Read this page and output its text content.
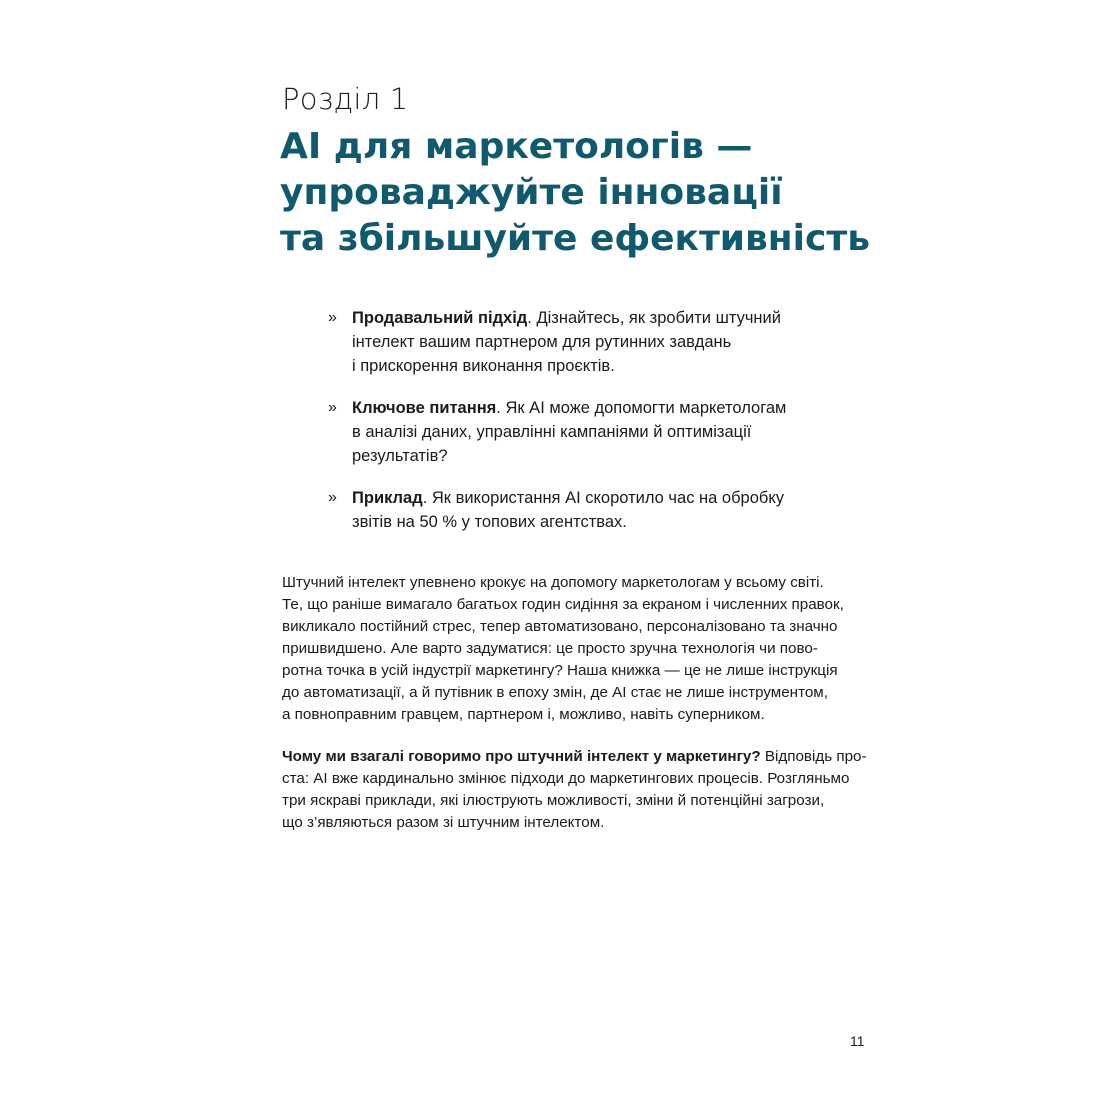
Розділ 1
AI для маркетологів —
упроваджуйте інновації
та збільшуйте ефективність
» Продавальний підхід. Дізнайтесь, як зробити штучний
інтелект вашим партнером для рутинних завдань
і прискорення виконання проєктів.
» Ключове питання. Як AI може допомогти маркетологам
в аналізі даних, управлінні кампаніями й оптимізації
результатів?
» Приклад. Як використання AI скоротило час на обробку
звітів на 50 % у топових агентствах.
Штучний інтелект упевнено крокує на допомогу маркетологам у всьому світі.
Те, що раніше вимагало багатьох годин сидіння за екраном і численних правок,
викликало постійний стрес, тепер автоматизовано, персоналізовано та значно
пришвидшено. Але варто задуматися: це просто зручна технологія чи пово-
ротна точка в усій індустрії маркетингу? Наша книжка — це не лише інструкція
до автоматизації, а й путівник в епоху змін, де AI стає не лише інструментом,
а повноправним гравцем, партнером і, можливо, навіть суперником.
Чому ми взагалі говоримо про штучний інтелект у маркетингу? Відповідь про-
ста: AI вже кардинально змінює підходи до маркетингових процесів. Розгляньмо
три яскраві приклади, які ілюструють можливості, зміни й потенційні загрози,
що з’являються разом зі штучним інтелектом.
11
